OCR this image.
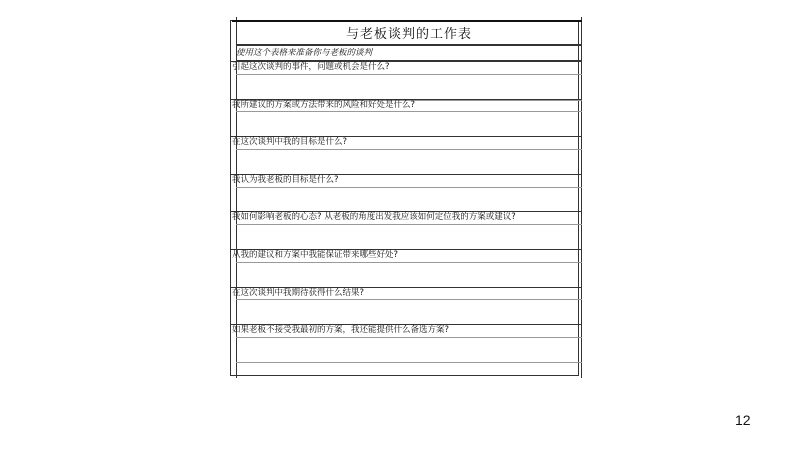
与老板谈判的工作表
使用这个表格来准备你与老板的谈判
引起这次谈判的事件，问题或机会是什么?
我所建议的方案或方法带来的风险和好处是什么?
在这次谈判中我的目标是什么?
我认为我老板的目标是什么?
我如何影响老板的心态? 从老板的角度出发我应该如何定位我的方案或建议?
从我的建议和方案中我能保证带来哪些好处?
在这次谈判中我期待获得什么结果?
如果老板不接受我最初的方案，我还能提供什么备选方案?
12
